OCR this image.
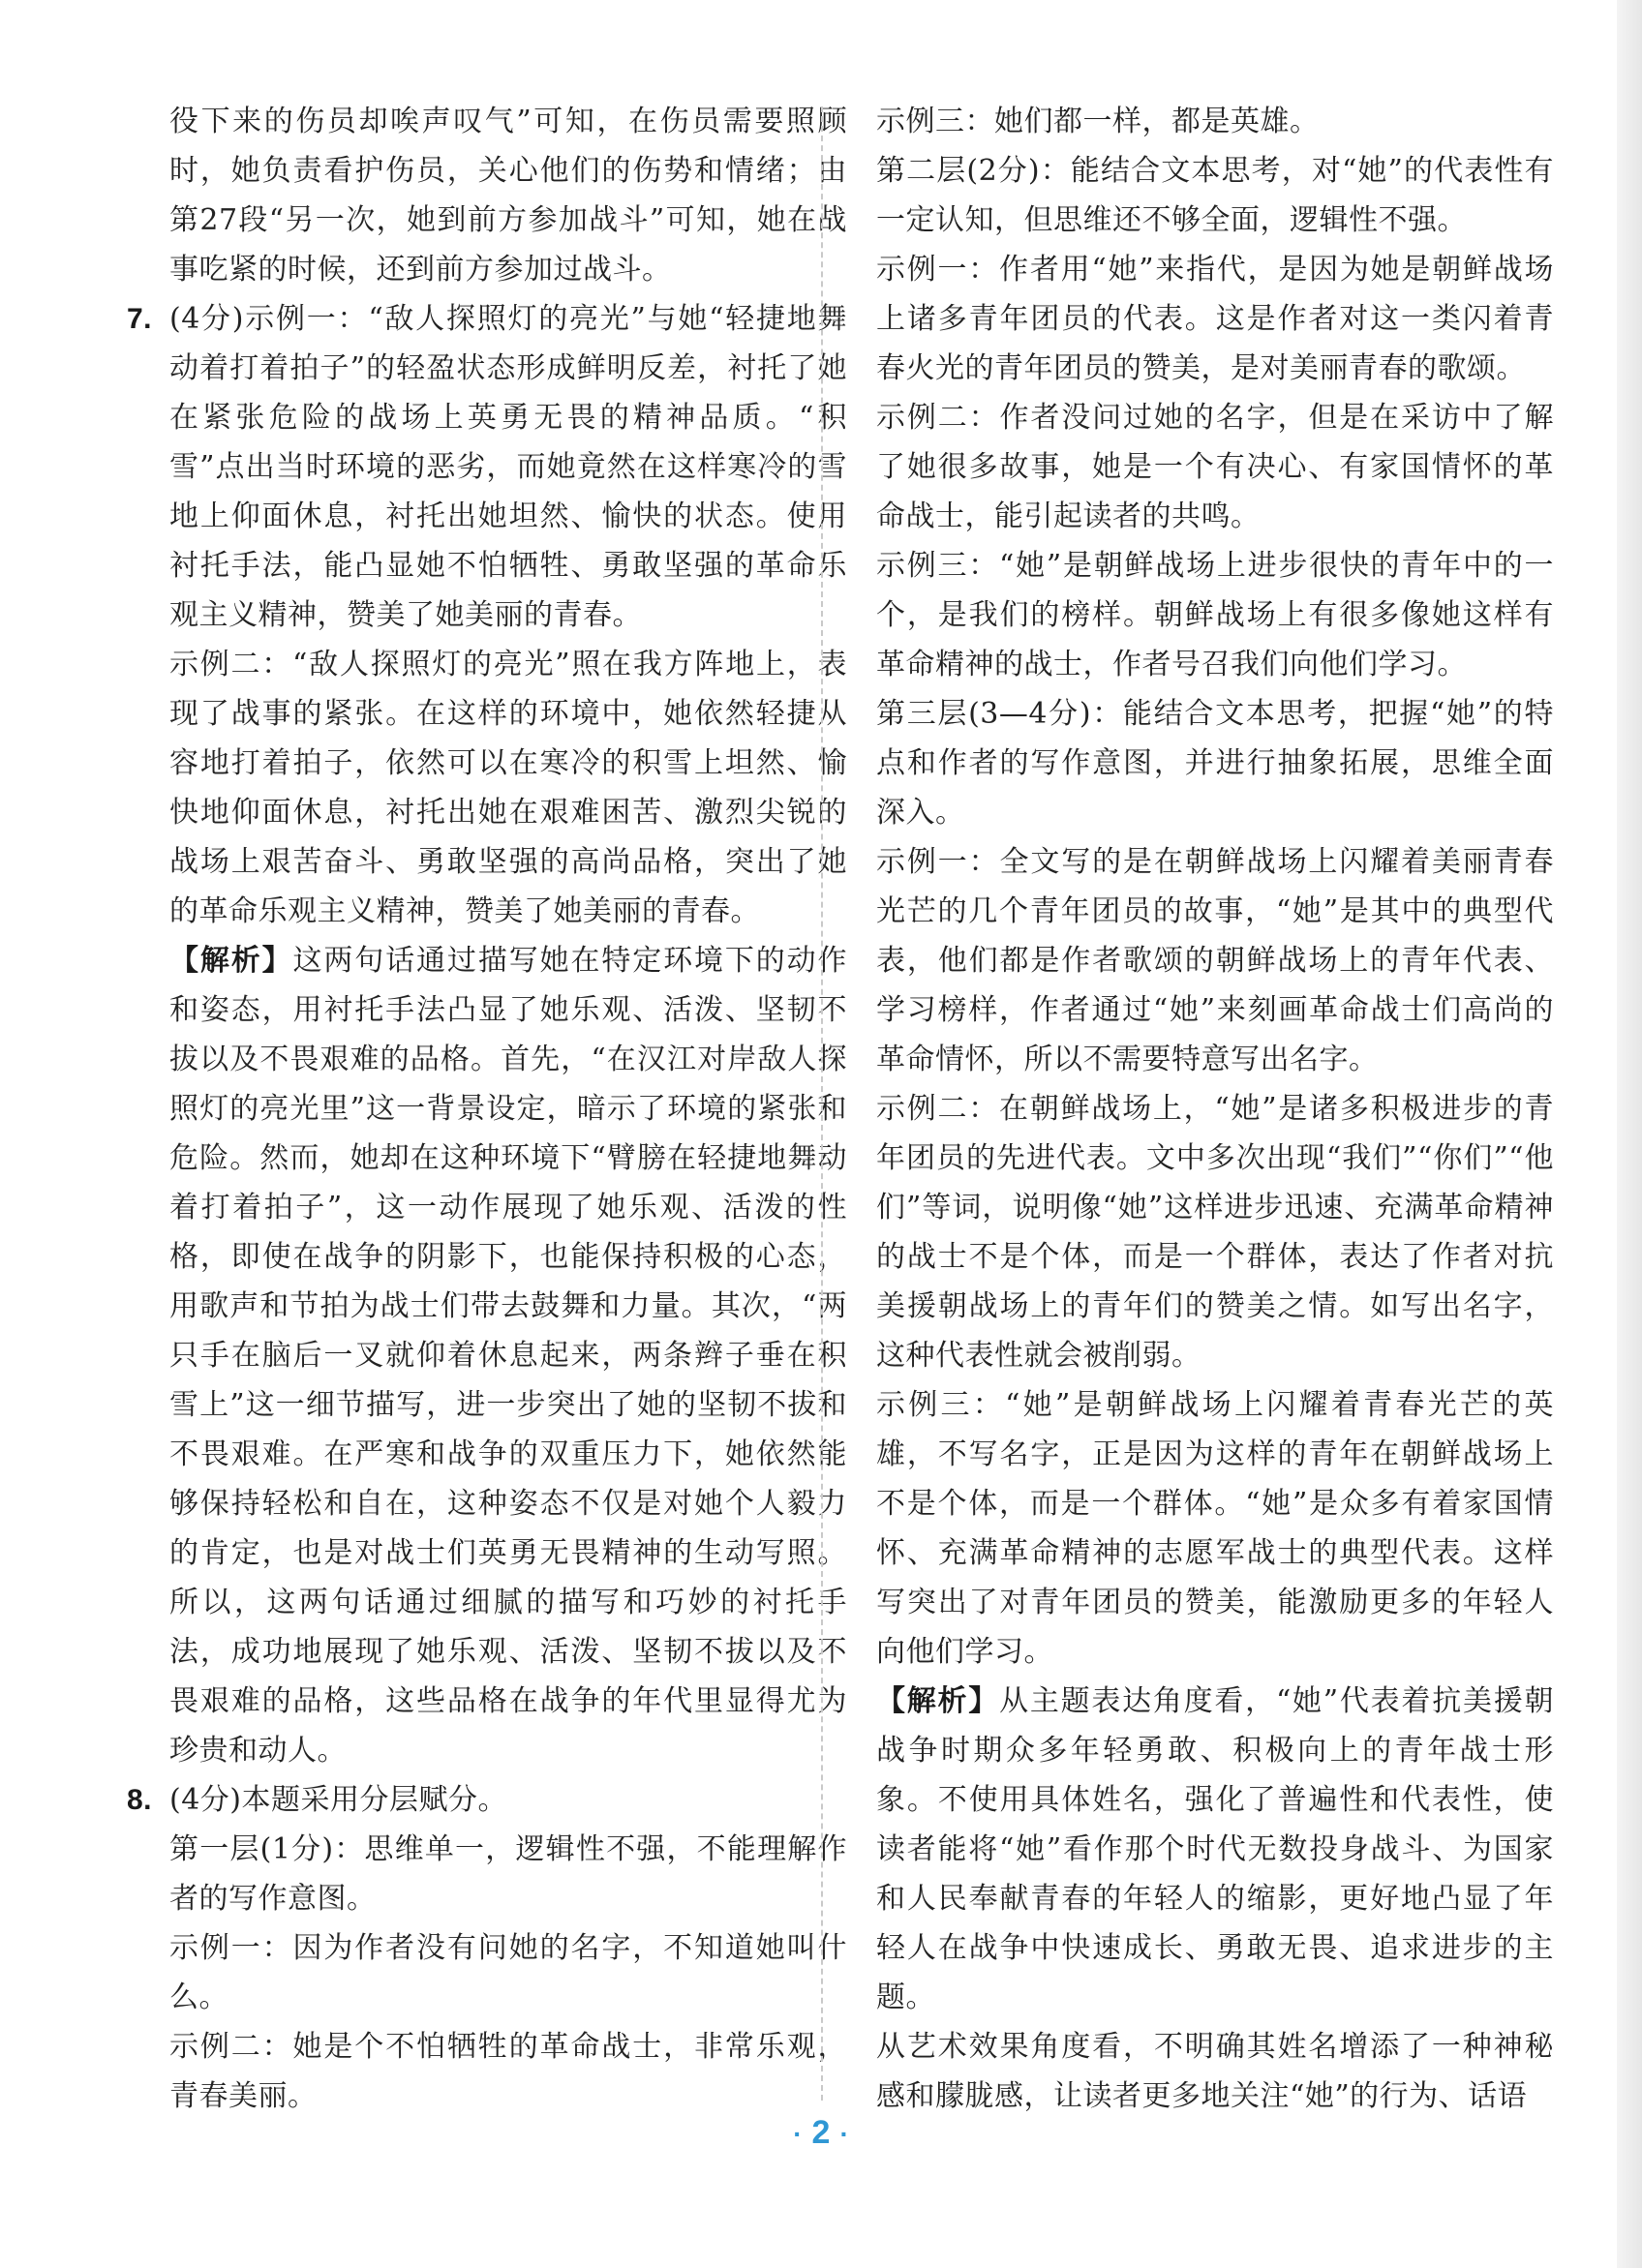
役下来的伤员却唉声叹气”可知，在伤员需要照顾时，她负责看护伤员，关心他们的伤势和情绪；由第27段“另一次，她到前方参加战斗”可知，她在战事吃紧的时候，还到前方参加过战斗。

7. (4分)示例一：“敌人探照灯的亮光”与她“轻捷地舞动着打着拍子”的轻盈状态形成鲜明反差，衬托了她在紧张危险的战场上英勇无畏的精神品质。“积雪”点出当时环境的恶劣，而她竟然在这样寒冷的雪地上仰面休息，衬托出她坦然、愉快的状态。使用衬托手法，能凸显她不怕牺牲、勇敢坚强的革命乐观主义精神，赞美了她美丽的青春。

示例二：“敌人探照灯的亮光”照在我方阵地上，表现了战事的紧张。在这样的环境中，她依然轻捷从容地打着拍子，依然可以在寒冷的积雪上坦然、愉快地仰面休息，衬托出她在艰难困苦、激烈尖锐的战场上艰苦奋斗、勇敢坚强的高尚品格，突出了她的革命乐观主义精神，赞美了她美丽的青春。

【解析】这两句话通过描写她在特定环境下的动作和姿态，用衬托手法凸显了她乐观、活泼、坚韧不拔以及不畏艰难的品格。首先，“在汉江对岸敌人探照灯的亮光里”这一背景设定，暗示了环境的紧张和危险。然而，她却在这种环境下“臂膀在轻捷地舞动着打着拍子”，这一动作展现了她乐观、活泼的性格，即使在战争的阴影下，也能保持积极的心态，用歌声和节拍为战士们带去鼓舞和力量。其次，“两只手在脑后一叉就仰着休息起来，两条辫子垂在积雪上”这一细节描写，进一步突出了她的坚韧不拔和不畏艰难。在严寒和战争的双重压力下，她依然能够保持轻松和自在，这种姿态不仅是对她个人毅力的肯定，也是对战士们英勇无畏精神的生动写照。所以，这两句话通过细腻的描写和巧妙的衬托手法，成功地展现了她乐观、活泼、坚韧不拔以及不畏艰难的品格，这些品格在战争的年代里显得尤为珍贵和动人。

8. (4分)本题采用分层赋分。

第一层(1分)：思维单一，逻辑性不强，不能理解作者的写作意图。

示例一：因为作者没有问她的名字，不知道她叫什么。

示例二：她是个不怕牺牲的革命战士，非常乐观，青春美丽。

示例三：她们都一样，都是英雄。

第二层(2分)：能结合文本思考，对“她”的代表性有一定认知，但思维还不够全面，逻辑性不强。

示例一：作者用“她”来指代，是因为她是朝鲜战场上诸多青年团员的代表。这是作者对这一类闪着青春火光的青年团员的赞美，是对美丽青春的歌颂。

示例二：作者没问过她的名字，但是在采访中了解了她很多故事，她是一个有决心、有家国情怀的革命战士，能引起读者的共鸣。

示例三：“她”是朝鲜战场上进步很快的青年中的一个，是我们的榜样。朝鲜战场上有很多像她这样有革命精神的战士，作者号召我们向他们学习。

第三层(3—4分)：能结合文本思考，把握“她”的特点和作者的写作意图，并进行抽象拓展，思维全面深入。

示例一：全文写的是在朝鲜战场上闪耀着美丽青春光芒的几个青年团员的故事，“她”是其中的典型代表，他们都是作者歌颂的朝鲜战场上的青年代表、学习榜样，作者通过“她”来刻画革命战士们高尚的革命情怀，所以不需要特意写出名字。

示例二：在朝鲜战场上，“她”是诸多积极进步的青年团员的先进代表。文中多次出现“我们”“你们”“他们”等词，说明像“她”这样进步迅速、充满革命精神的战士不是个体，而是一个群体，表达了作者对抗美援朝战场上的青年们的赞美之情。如写出名字，这种代表性就会被削弱。

示例三：“她”是朝鲜战场上闪耀着青春光芒的英雄，不写名字，正是因为这样的青年在朝鲜战场上不是个体，而是一个群体。“她”是众多有着家国情怀、充满革命精神的志愿军战士的典型代表。这样写突出了对青年团员的赞美，能激励更多的年轻人向他们学习。

【解析】从主题表达角度看，“她”代表着抗美援朝战争时期众多年轻勇敢、积极向上的青年战士形象。不使用具体姓名，强化了普遍性和代表性，使读者能将“她”看作那个时代无数投身战斗、为国家和人民奉献青春的年轻人的缩影，更好地凸显了年轻人在战争中快速成长、勇敢无畏、追求进步的主题。

从艺术效果角度看，不明确其姓名增添了一种神秘感和朦胧感，让读者更多地关注“她”的行为、话语

· 2 ·
